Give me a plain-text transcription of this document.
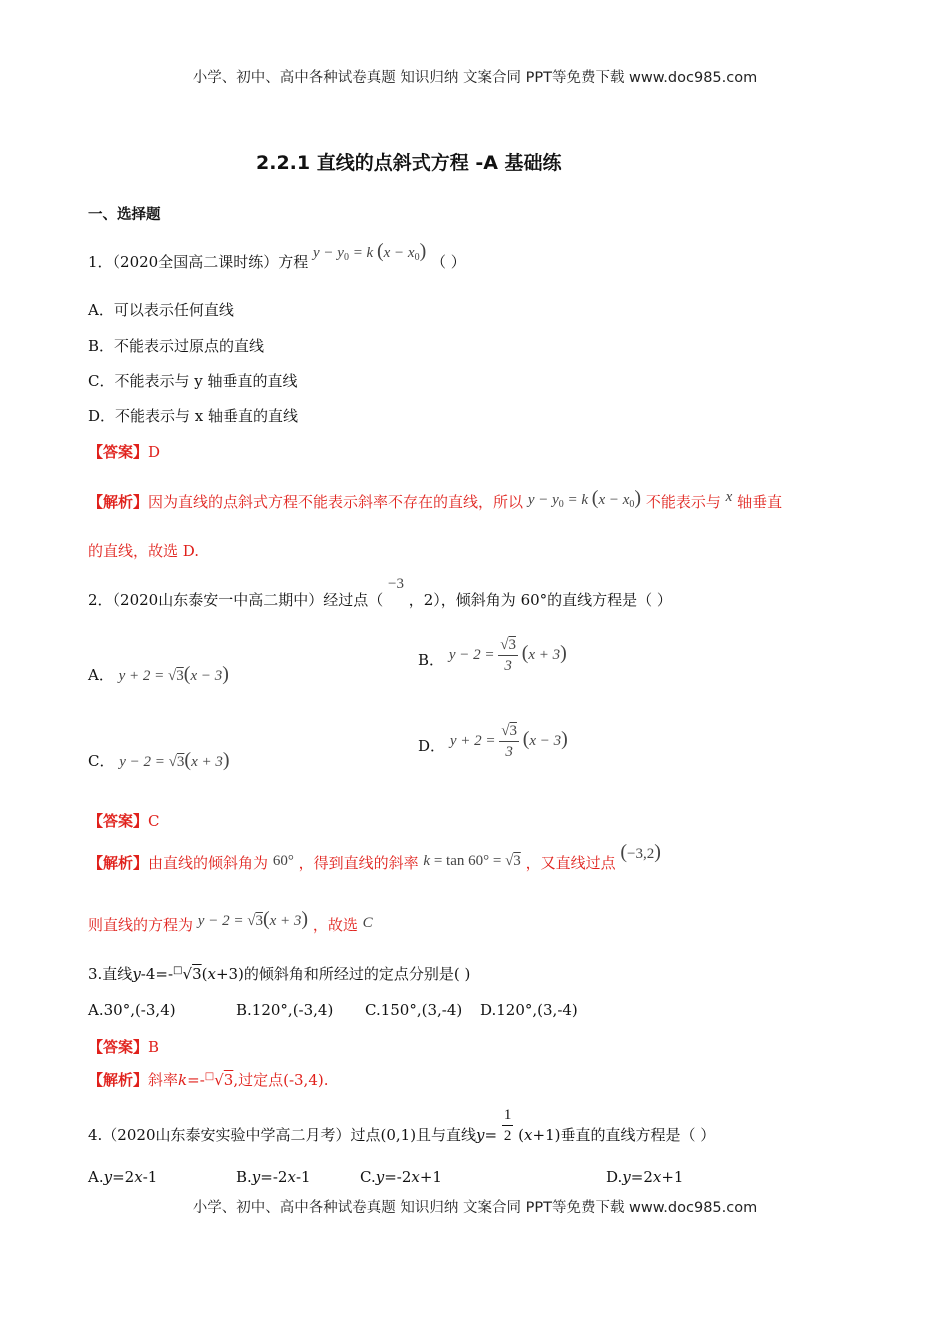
小学、初中、高中各种试卷真题 知识归纳 文案合同 PPT等免费下载 www.doc985.com
2.2.1 直线的点斜式方程 -A 基础练
一、选择题
1．（2020全国高二课时练）方程 $y - y_0 = k$ $(x - x_0)$ （ ）
A．可以表示任何直线
B．不能表示过原点的直线
C．不能表示与 y 轴垂直的直线
D．不能表示与 x 轴垂直的直线
【答案】D
【解析】因为直线的点斜式方程不能表示斜率不存在的直线，所以 $y - y_0 = k$ $(x - x_0)$ 不能表示与 x 轴垂直
的直线，故选 D.
2．（2020山东泰安一中高二期中）经过点（ −3 ，2），倾斜角为 60°的直线方程是（ ）
A． y + 2 = √3(x − 3)
B． $y - 2 = \frac{√3}{3} (x + 3)$
C． y − 2 = √3(x + 3)
D． $y + 2 = \frac{√3}{3} (x - 3)$
【答案】C
【解析】由直线的倾斜角为 60° ，得到直线的斜率 k = tan 60° = √3 ，又直线过点 (−3,2)
则直线的方程为 y − 2 = √3(x + 3) ，故选 C
3.直线y-4=-□√3(x+3)的倾斜角和所经过的定点分别是( )
A.30°,(-3,4)	B.120°,(-3,4) C.150°,(3,-4) D.120°,(3,-4)
【答案】B
【解析】斜率k=-□√3,过定点(-3,4).
4.（2020山东泰安实验中学高二月考）过点(0,1)且与直线$y= \frac{1}{2} (x+1)$垂直的直线方程是（ ）
A.y=2x-1	B.y=-2x-1	C.y=-2x+1	D.y=2x+1
小学、初中、高中各种试卷真题 知识归纳 文案合同 PPT等免费下载 www.doc985.com
